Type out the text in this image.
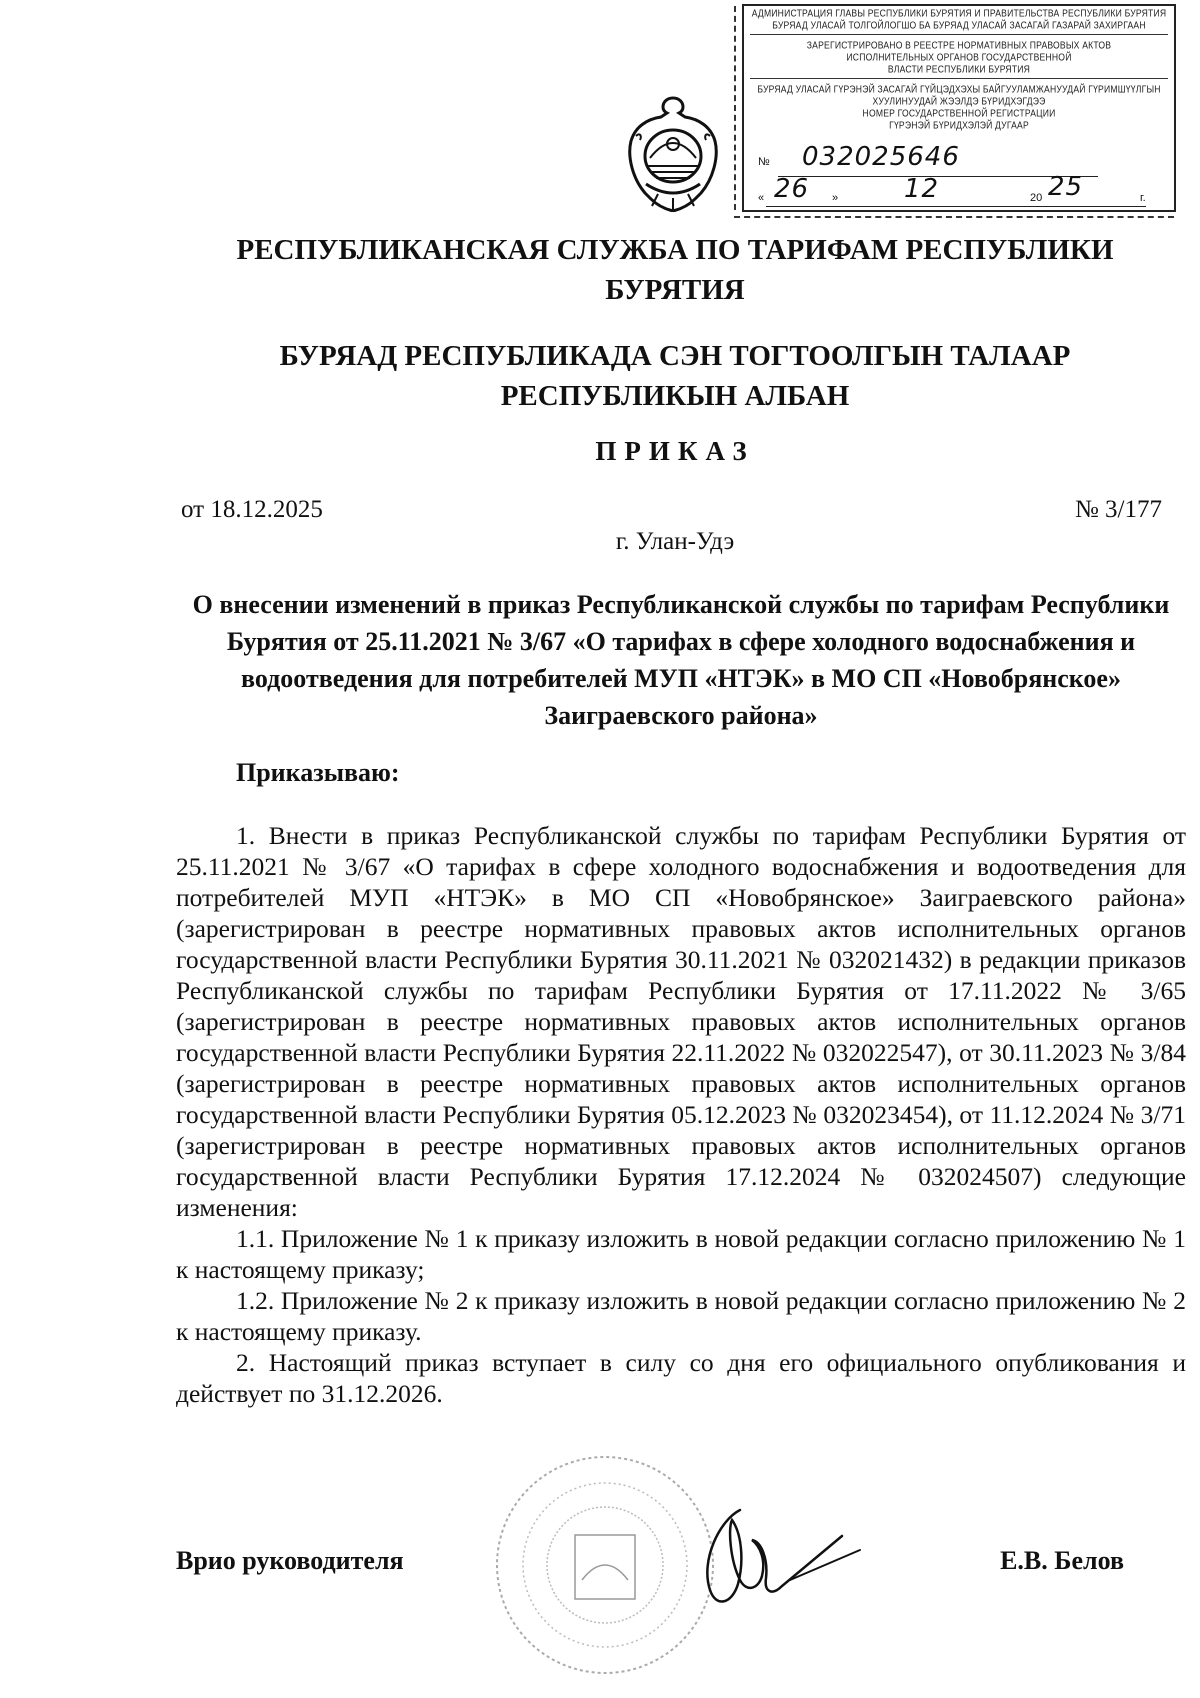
АДМИНИСТРАЦИЯ ГЛАВЫ РЕСПУБЛИКИ БУРЯТИЯ И ПРАВИТЕЛЬСТВА РЕСПУБЛИКИ БУРЯТИЯ
БУРЯАД УЛАСАЙ ТОЛГОЙЛОГШО БА БУРЯАД УЛАСАЙ ЗАСАГАЙ ГАЗАРАЙ ЗАХИРГААН
ЗАРЕГИСТРИРОВАНО В РЕЕСТРЕ НОРМАТИВНЫХ ПРАВОВЫХ АКТОВ
ИСПОЛНИТЕЛЬНЫХ ОРГАНОВ ГОСУДАРСТВЕННОЙ
ВЛАСТИ РЕСПУБЛИКИ БУРЯТИЯ
БУРЯАД УЛАСАЙ ГҮРЭНЭЙ ЗАСАГАЙ ГҮЙЦЭДХЭХЫ БАЙГУУЛАМЖАНУУДАЙ ГҮРИМШҮҮЛГЫН
ХУУЛИНУУДАЙ ЖЭЭЛДЭ БҮРИДХЭГДЭЭ
НОМЕР ГОСУДАРСТВЕННОЙ РЕГИСТРАЦИИ
ГҮРЭНЭЙ БҮРИДХЭЛЭЙ ДУГААР
№ 032025646
« 26 »	12	20 25	г.
РЕСПУБЛИКАНСКАЯ СЛУЖБА ПО ТАРИФАМ РЕСПУБЛИКИ
БУРЯТИЯ
БУРЯАД РЕСПУБЛИКАДА СЭН ТОГТООЛГЫН ТАЛААР
РЕСПУБЛИКЫН АЛБАН
ПРИКАЗ
от 18.12.2025	№ 3/177
г. Улан-Удэ
О внесении изменений в приказ Республиканской службы по тарифам Республики Бурятия от 25.11.2021 № 3/67 «О тарифах в сфере холодного водоснабжения и водоотведения для потребителей МУП «НТЭК» в МО СП «Новобрянское» Заиграевского района»
Приказываю:

1. Внести в приказ Республиканской службы по тарифам Республики Бурятия от 25.11.2021 № 3/67 «О тарифах в сфере холодного водоснабжения и водоотведения для потребителей МУП «НТЭК» в МО СП «Новобрянское» Заиграевского района» (зарегистрирован в реестре нормативных правовых актов исполнительных органов государственной власти Республики Бурятия 30.11.2021 № 032021432) в редакции приказов Республиканской службы по тарифам Республики Бурятия от 17.11.2022 № 3/65 (зарегистрирован в реестре нормативных правовых актов исполнительных органов государственной власти Республики Бурятия 22.11.2022 № 032022547), от 30.11.2023 № 3/84 (зарегистрирован в реестре нормативных правовых актов исполнительных органов государственной власти Республики Бурятия 05.12.2023 № 032023454), от 11.12.2024 № 3/71 (зарегистрирован в реестре нормативных правовых актов исполнительных органов государственной власти Республики Бурятия 17.12.2024 № 032024507) следующие изменения:

1.1. Приложение № 1 к приказу изложить в новой редакции согласно приложению № 1 к настоящему приказу;

1.2. Приложение № 2 к приказу изложить в новой редакции согласно приложению № 2 к настоящему приказу.

2. Настоящий приказ вступает в силу со дня его официального опубликования и действует по 31.12.2026.

Врио руководителя	Е.В. Белов
